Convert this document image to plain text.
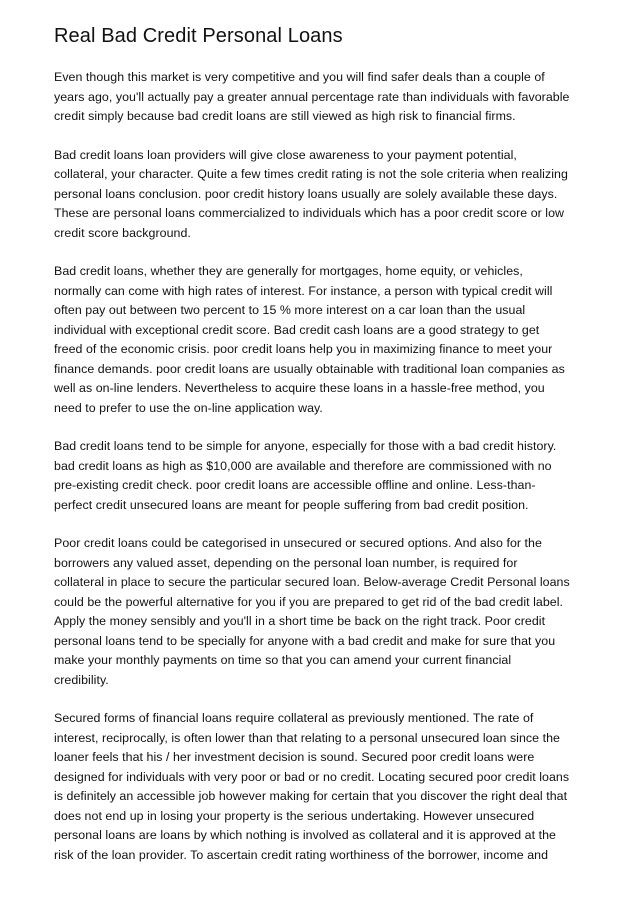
Real Bad Credit Personal Loans

Even though this market is very competitive and you will find safer deals than a couple of
years ago, you'll actually pay a greater annual percentage rate than individuals with favorable
credit simply because bad credit loans are still viewed as high risk to financial firms.

Bad credit loans loan providers will give close awareness to your payment potential,
collateral, your character. Quite a few times credit rating is not the sole criteria when realizing
personal loans conclusion. poor credit history loans usually are solely available these days.
These are personal loans commercialized to individuals which has a poor credit score or low
credit score background.

Bad credit loans, whether they are generally for mortgages, home equity, or vehicles,
normally can come with high rates of interest. For instance, a person with typical credit will
often pay out between two percent to 15 % more interest on a car loan than the usual
individual with exceptional credit score. Bad credit cash loans are a good strategy to get
freed of the economic crisis. poor credit loans help you in maximizing finance to meet your
finance demands. poor credit loans are usually obtainable with traditional loan companies as
well as on-line lenders. Nevertheless to acquire these loans in a hassle-free method, you
need to prefer to use the on-line application way.

Bad credit loans tend to be simple for anyone, especially for those with a bad credit history.
bad credit loans as high as $10,000 are available and therefore are commissioned with no
pre-existing credit check. poor credit loans are accessible offline and online. Less-than-
perfect credit unsecured loans are meant for people suffering from bad credit position.

Poor credit loans could be categorised in unsecured or secured options. And also for the
borrowers any valued asset, depending on the personal loan number, is required for
collateral in place to secure the particular secured loan. Below-average Credit Personal loans
could be the powerful alternative for you if you are prepared to get rid of the bad credit label.
Apply the money sensibly and you'll in a short time be back on the right track. Poor credit
personal loans tend to be specially for anyone with a bad credit and make for sure that you
make your monthly payments on time so that you can amend your current financial
credibility.

Secured forms of financial loans require collateral as previously mentioned. The rate of
interest, reciprocally, is often lower than that relating to a personal unsecured loan since the
loaner feels that his / her investment decision is sound. Secured poor credit loans were
designed for individuals with very poor or bad or no credit. Locating secured poor credit loans
is definitely an accessible job however making for certain that you discover the right deal that
does not end up in losing your property is the serious undertaking. However unsecured
personal loans are loans by which nothing is involved as collateral and it is approved at the
risk of the loan provider. To ascertain credit rating worthiness of the borrower, income and
